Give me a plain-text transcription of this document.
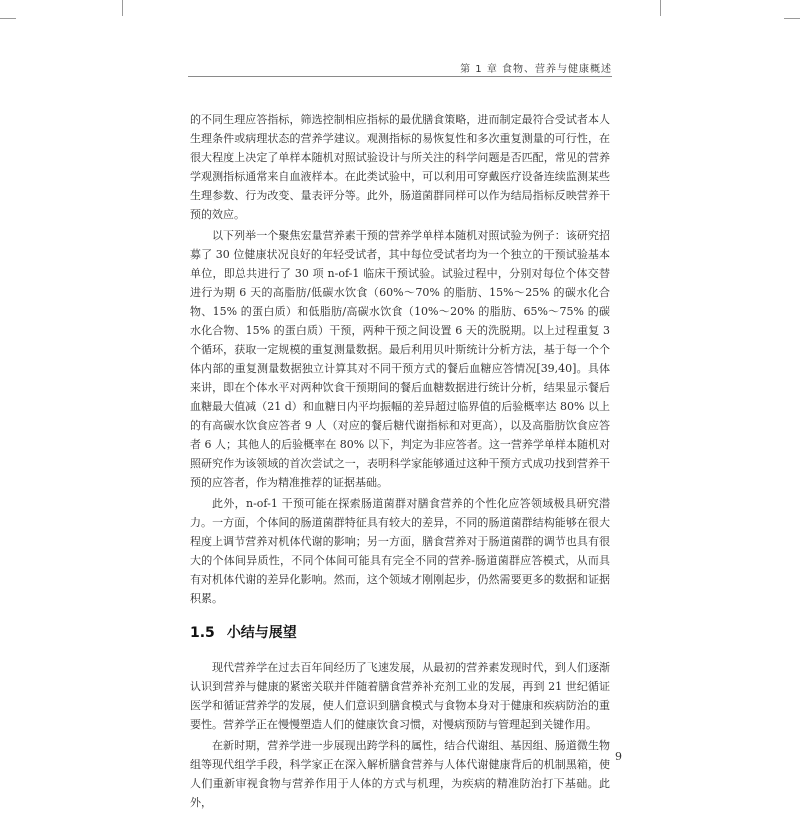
第 1 章 食物、营养与健康概述

的不同生理应答指标，筛选控制相应指标的最优膳食策略，进而制定最符合受试者本人生理条件或病理状态的营养学建议。观测指标的易恢复性和多次重复测量的可行性，在很大程度上决定了单样本随机对照试验设计与所关注的科学问题是否匹配，常见的营养学观测指标通常来自血液样本。在此类试验中，可以利用可穿戴医疗设备连续监测某些生理参数、行为改变、量表评分等。此外，肠道菌群同样可以作为结局指标反映营养干预的效应。

以下列举一个聚焦宏量营养素干预的营养学单样本随机对照试验为例子：该研究招募了 30 位健康状况良好的年轻受试者，其中每位受试者均为一个独立的干预试验基本单位，即总共进行了 30 项 n-of-1 临床干预试验。试验过程中，分别对每位个体交替进行为期 6 天的高脂肪/低碳水饮食（60%～70% 的脂肪、15%～25% 的碳水化合物、15% 的蛋白质）和低脂肪/高碳水饮食（10%～20% 的脂肪、65%～75% 的碳水化合物、15% 的蛋白质）干预，两种干预之间设置 6 天的洗脱期。以上过程重复 3 个循环，获取一定规模的重复测量数据。最后利用贝叶斯统计分析方法，基于每一个个体内部的重复测量数据独立计算其对不同干预方式的餐后血糖应答情况[39,40]。具体来讲，即在个体水平对两种饮食干预期间的餐后血糖数据进行统计分析，结果显示餐后血糖最大值减（21 d）和血糖日内平均振幅的差异超过临界值的后验概率达 80% 以上的有高碳水饮食应答者 9 人（对应的餐后糖代谢指标和对更高），以及高脂肪饮食应答者 6 人；其他人的后验概率在 80% 以下，判定为非应答者。这一营养学单样本随机对照研究作为该领域的首次尝试之一，表明科学家能够通过这种干预方式成功找到营养干预的应答者，作为精准推荐的证据基础。

此外，n-of-1 干预可能在探索肠道菌群对膳食营养的个性化应答领域极具研究潜力。一方面，个体间的肠道菌群特征具有较大的差异，不同的肠道菌群结构能够在很大程度上调节营养对机体代谢的影响；另一方面，膳食营养对于肠道菌群的调节也具有很大的个体间异质性，不同个体间可能具有完全不同的营养-肠道菌群应答模式，从而具有对机体代谢的差异化影响。然而，这个领域才刚刚起步，仍然需要更多的数据和证据积累。

1.5 小结与展望

现代营养学在过去百年间经历了飞速发展，从最初的营养素发现时代，到人们逐渐认识到营养与健康的紧密关联并伴随着膳食营养补充剂工业的发展，再到 21 世纪循证医学和循证营养学的发展，使人们意识到膳食模式与食物本身对于健康和疾病防治的重要性。营养学正在慢慢塑造人们的健康饮食习惯，对慢病预防与管理起到关键作用。

在新时期，营养学进一步展现出跨学科的属性，结合代谢组、基因组、肠道微生物组等现代组学手段，科学家正在深入解析膳食营养与人体代谢健康背后的机制黑箱，使人们重新审视食物与营养作用于人体的方式与机理，为疾病的精准防治打下基础。此外，

9
